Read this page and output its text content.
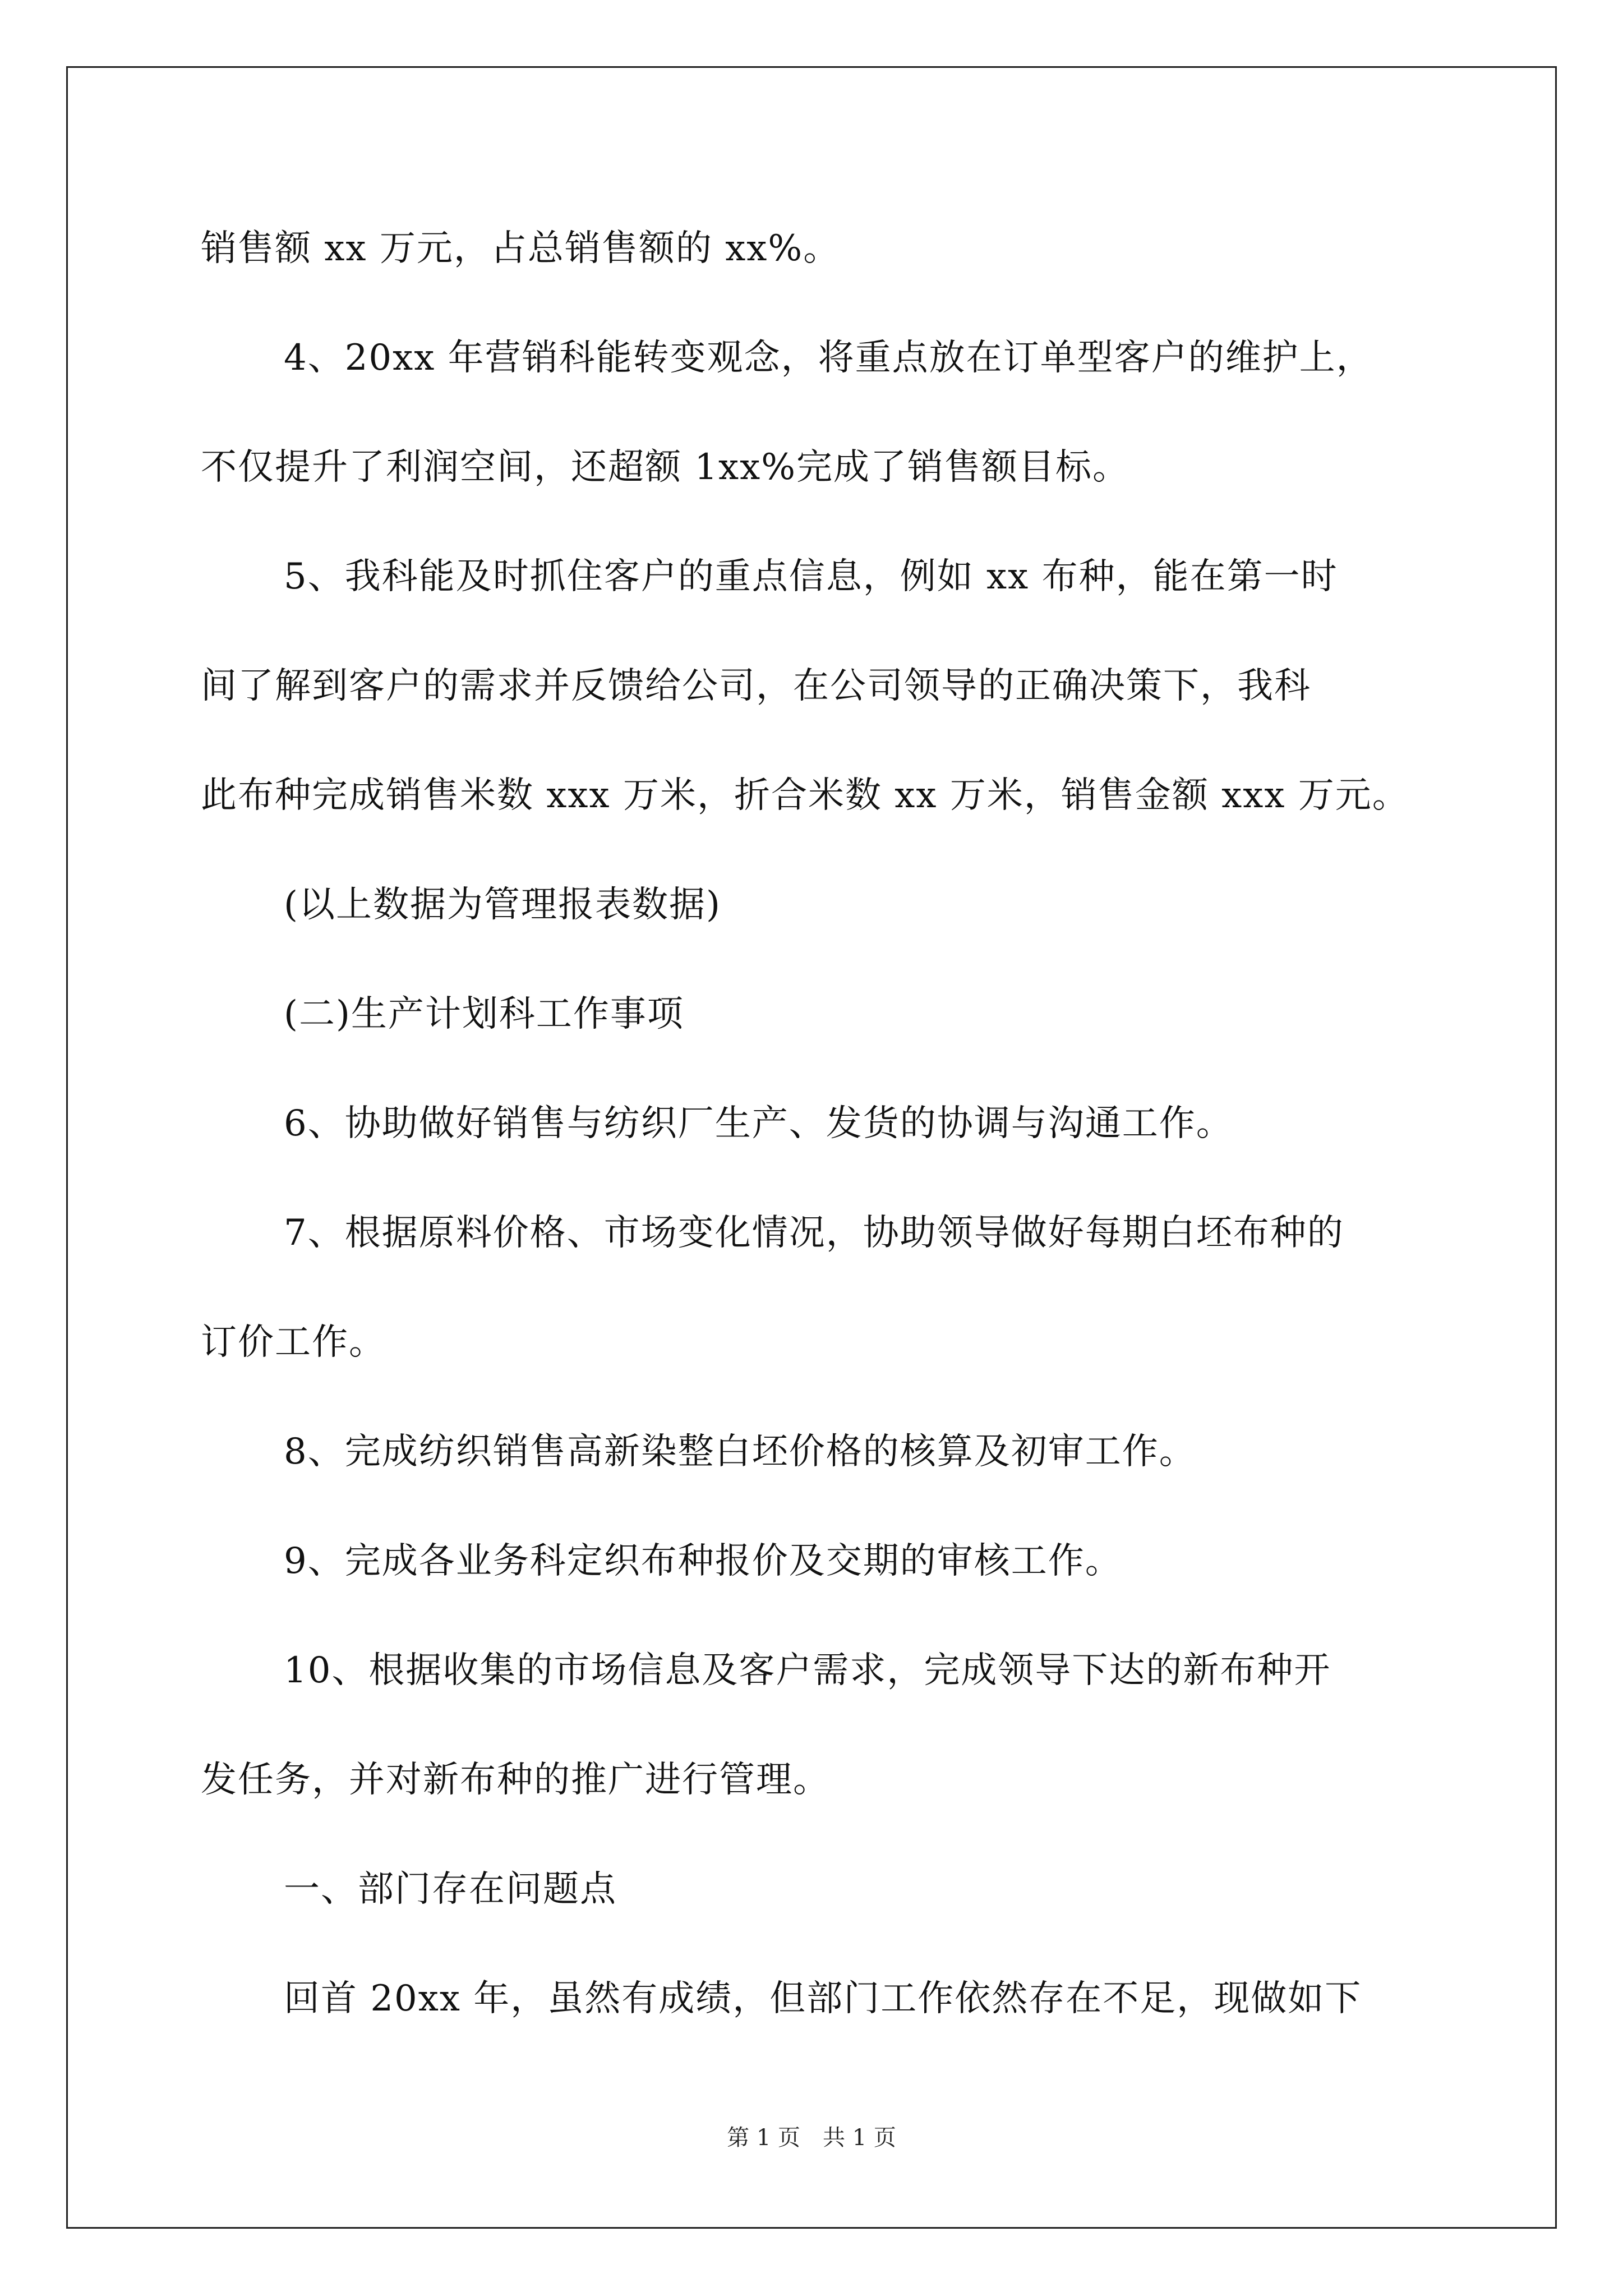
销售额 xx 万元，占总销售额的 xx%。
4、20xx 年营销科能转变观念，将重点放在订单型客户的维护上，
不仅提升了利润空间，还超额 1xx%完成了销售额目标。
5、我科能及时抓住客户的重点信息，例如 xx 布种，能在第一时
间了解到客户的需求并反馈给公司，在公司领导的正确决策下，我科
此布种完成销售米数 xxx 万米，折合米数 xx 万米，销售金额 xxx 万元。
(以上数据为管理报表数据)
(二)生产计划科工作事项
6、协助做好销售与纺织厂生产、发货的协调与沟通工作。
7、根据原料价格、市场变化情况，协助领导做好每期白坯布种的
订价工作。
8、完成纺织销售高新染整白坯价格的核算及初审工作。
9、完成各业务科定织布种报价及交期的审核工作。
10、根据收集的市场信息及客户需求，完成领导下达的新布种开
发任务，并对新布种的推广进行管理。
一、部门存在问题点
回首 20xx 年，虽然有成绩，但部门工作依然存在不足，现做如下
第 1 页　共 1 页
